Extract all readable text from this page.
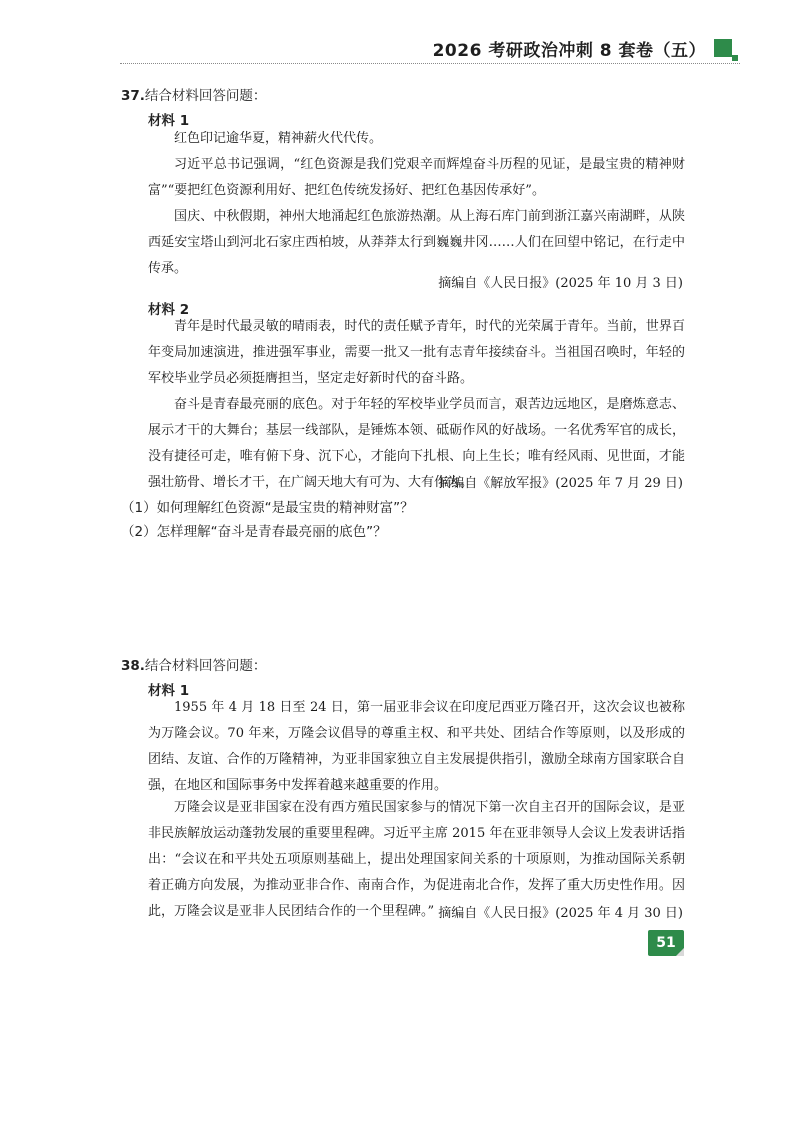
2026 考研政治冲刺 8 套卷（五）
37.结合材料回答问题：
材料 1
红色印记逾华夏，精神薪火代代传。
习近平总书记强调，“红色资源是我们党艰辛而辉煌奋斗历程的见证，是最宝贵的精神财富”“要把红色资源利用好、把红色传统发扬好、把红色基因传承好”。
国庆、中秋假期，神州大地涌起红色旅游热潮。从上海石库门前到浙江嘉兴南湖畔，从陕西延安宝塔山到河北石家庄西柏坡，从莽莽太行到巍巍井冈……人们在回望中铭记，在行走中传承。
摘编自《人民日报》(2025 年 10 月 3 日)
材料 2
青年是时代最灵敏的晴雨表，时代的责任赋予青年，时代的光荣属于青年。当前，世界百年变局加速演进，推进强军事业，需要一批又一批有志青年接续奋斗。当祖国召唤时，年轻的军校毕业学员必须挺膺担当，坚定走好新时代的奋斗路。
奋斗是青春最亮丽的底色。对于年轻的军校毕业学员而言，艰苦边远地区，是磨炼意志、展示才干的大舞台；基层一线部队，是锤炼本领、砥砺作风的好战场。一名优秀军官的成长，没有捷径可走，唯有俯下身、沉下心，才能向下扎根、向上生长；唯有经风雨、见世面，才能强壮筋骨、增长才干，在广阔天地大有可为、大有作为。
摘编自《解放军报》(2025 年 7 月 29 日)
（1）如何理解红色资源“是最宝贵的精神财富”？
（2）怎样理解“奋斗是青春最亮丽的底色”？
38.结合材料回答问题：
材料 1
1955 年 4 月 18 日至 24 日，第一届亚非会议在印度尼西亚万隆召开，这次会议也被称为万隆会议。70 年来，万隆会议倡导的尊重主权、和平共处、团结合作等原则，以及形成的团结、友谊、合作的万隆精神，为亚非国家独立自主发展提供指引，激励全球南方国家联合自强，在地区和国际事务中发挥着越来越重要的作用。
万隆会议是亚非国家在没有西方殖民国家参与的情况下第一次自主召开的国际会议，是亚非民族解放运动蓬勃发展的重要里程碑。习近平主席 2015 年在亚非领导人会议上发表讲话指出：“会议在和平共处五项原则基础上，提出处理国家间关系的十项原则，为推动国际关系朝着正确方向发展，为推动亚非合作、南南合作，为促进南北合作，发挥了重大历史性作用。因此，万隆会议是亚非人民团结合作的一个里程碑。” 摘编自《人民日报》(2025 年 4 月 30 日)
51
